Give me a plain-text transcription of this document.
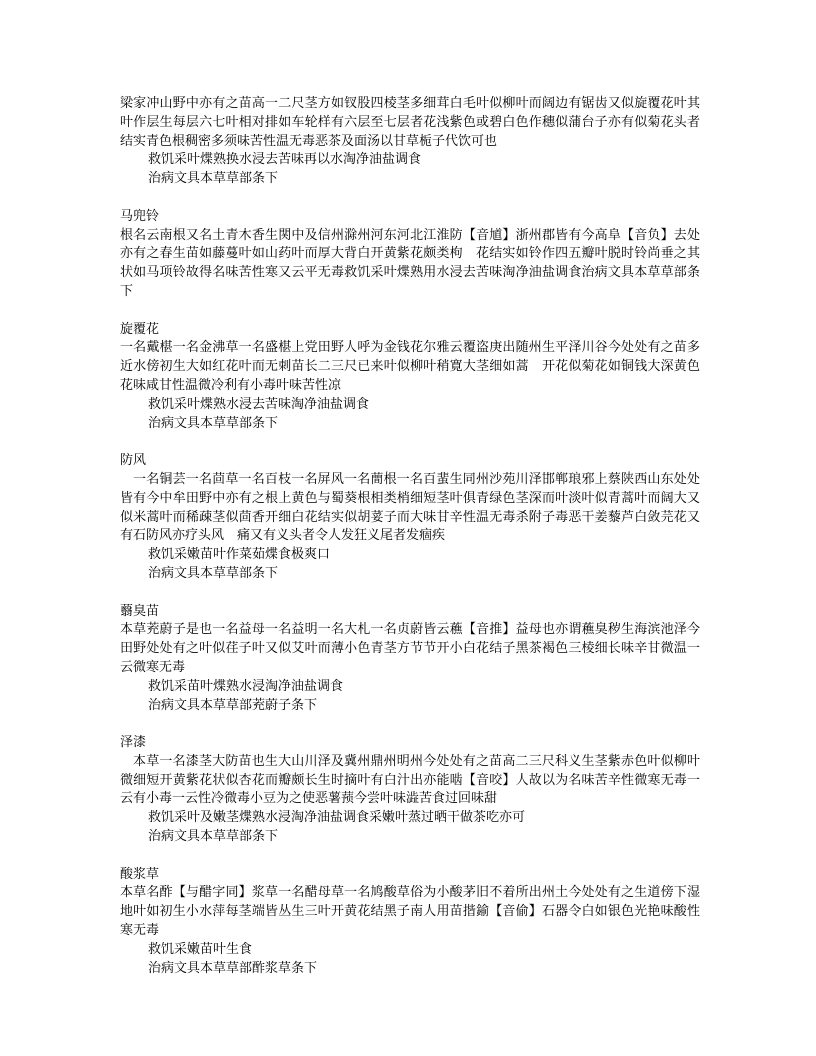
梁家冲山野中亦有之苗高一二尺茎方如钗股四棱茎多细茸白毛叶似柳叶而阔边有锯齿又似旋覆花叶其叶作层生每层六七叶相对排如车轮样有六层至七层者花浅紫色或碧白色作穗似蒲台子亦有似菊花头者结实青色根稠密多须味苦性温无毒恶茶及面汤以甘草栀子代饮可也

救饥采叶煠熟换水浸去苦味再以水淘净油盐调食

治病文具本草草部条下

马兜铃

根名云南根又名土青木香生関中及信州滁州河东河北江淮防【音馗】浙州郡皆有今高阜【音负】去处亦有之春生苗如藤蔓叶如山药叶而厚大背白开黄紫花颇类枸　花结实如铃作四五瓣叶脱时铃尚垂之其状如马项铃故得名味苦性寒又云平无毒救饥采叶煠熟用水浸去苦味淘净油盐调食治病文具本草草部条下

旋覆花

一名戴椹一名金沸草一名盛椹上党田野人呼为金钱花尔雅云覆盗庚出随州生平泽川谷今处处有之苗多近水傍初生大如红花叶而无刺苗长二三尺已来叶似柳叶稍寛大茎细如蒿　开花似菊花如铜钱大深黄色花味咸甘性温微冷利有小毒叶味苦性凉

救饥采叶煠熟水浸去苦味淘净油盐调食

治病文具本草草部条下

防风

一名铜芸一名茴草一名百枝一名屏风一名蕳根一名百蜚生同州沙苑川泽邯郸琅邪上蔡陕西山东处处皆有今中牟田野中亦有之根上黄色与蜀葵根相类梢细短茎叶俱青绿色茎深而叶淡叶似青蒿叶而阔大又似米蒿叶而稀疎茎似茴香开细白花结实似胡荽子而大味甘辛性温无毒杀附子毒恶干姜藜芦白敛芫花又有石防风亦疗头风　痛又有义头者令人发狂义尾者发痼疾

救饥采嫩苗叶作菜茹煠食极爽口

治病文具本草草部条下

蘙臭苗

本草茺蔚子是也一名益母一名益明一名大札一名贞蔚皆云藮【音推】益母也亦谓藮臭秽生海滨池泽今田野处处有之叶似荏子叶又似艾叶而薄小色青茎方节节开小白花结子黑茶褐色三棱细长味辛甘微温一云微寒无毒

救饥采苗叶煠熟水浸淘净油盐调食

治病文具本草草部茺蔚子条下

泽漆

本草一名漆茎大防苗也生大山川泽及冀州鼎州明州今处处有之苗高二三尺科义生茎紫赤色叶似柳叶微细短开黄紫花状似杏花而瓣颇长生时摘叶有白汁出亦能啮【音咬】人故以为名味苦辛性微寒无毒一云有小毒一云性冷微毒小豆为之使恶薯蓣今尝叶味澁苦食过回味甜

救饥采叶及嫩茎煠熟水浸淘净油盐调食采嫩叶蒸过晒干做茶吃亦可

治病文具本草草部条下

酸浆草

本草名酢【与醋字同】浆草一名醋母草一名鸠酸草俗为小酸茅旧不着所出州土今处处有之生道傍下湿地叶如初生小水萍每茎端皆丛生三叶开黄花结黑子南人用苗揩鍮【音偷】石器令白如银色光艳味酸性寒无毒

救饥采嫩苗叶生食

治病文具本草草部酢浆草条下
